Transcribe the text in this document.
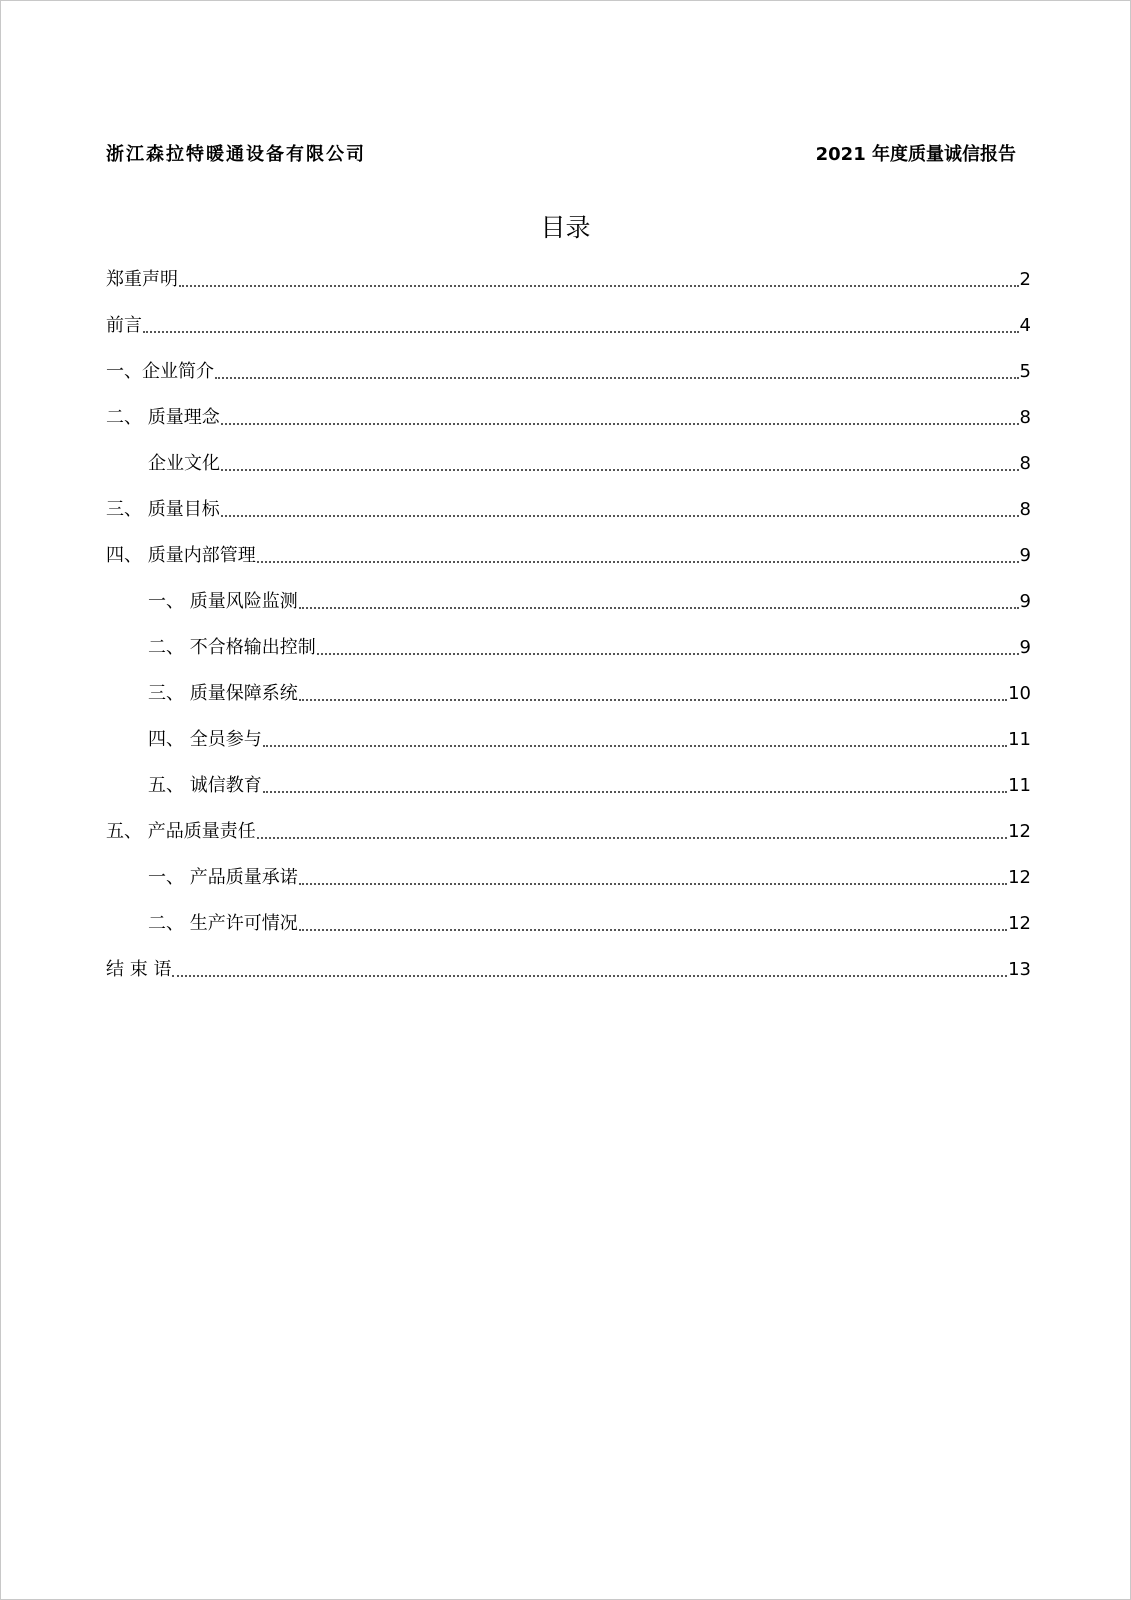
浙江森拉特暖通设备有限公司	2021 年度质量诚信报告
目录
郑重声明	2
前言	4
一、企业简介	5
二、 质量理念	8
企业文化	8
三、 质量目标	8
四、 质量内部管理	9
一、 质量风险监测	9
二、 不合格输出控制	9
三、 质量保障系统	10
四、 全员参与	11
五、 诚信教育	11
五、 产品质量责任	12
一、 产品质量承诺	12
二、 生产许可情况	12
结 束 语	13
